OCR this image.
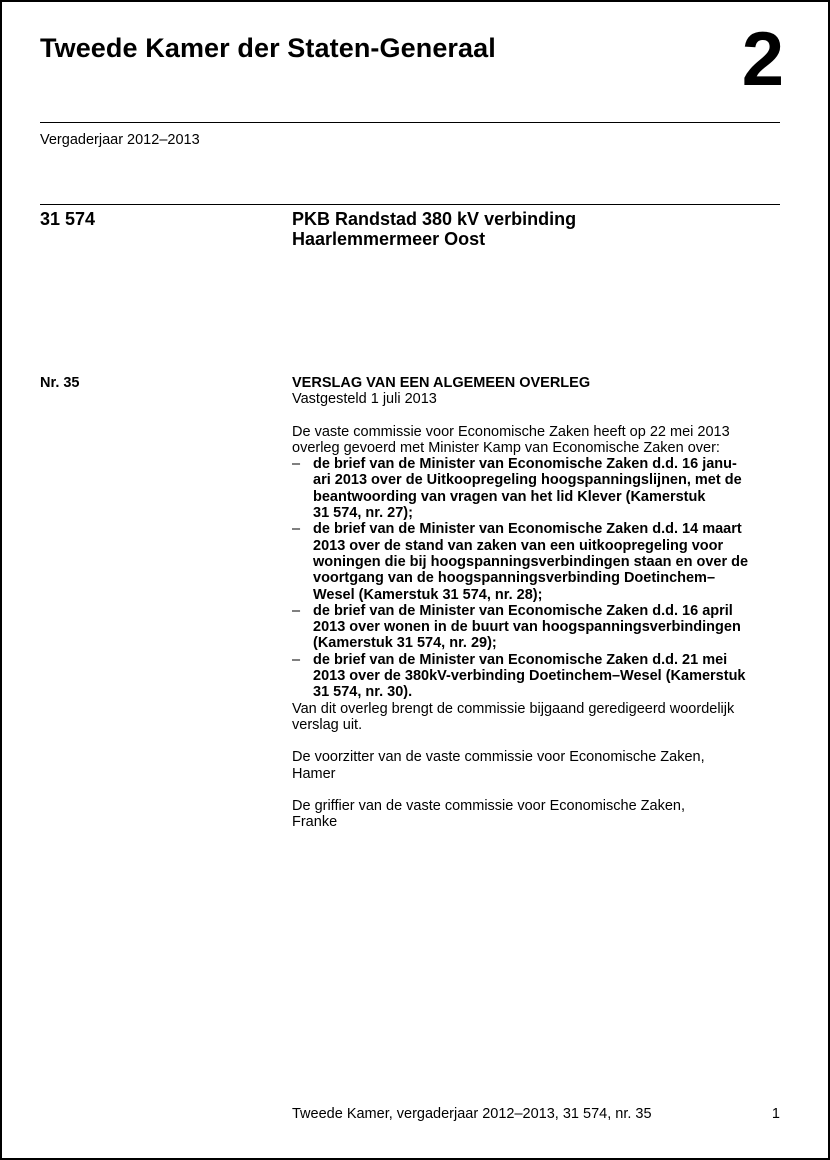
Tweede Kamer der Staten-Generaal	2
Vergaderjaar 2012–2013
31 574	PKB Randstad 380 kV verbinding
Haarlemmermeer Oost
Nr. 35	VERSLAG VAN EEN ALGEMEEN OVERLEG
Vastgesteld 1 juli 2013
De vaste commissie voor Economische Zaken heeft op 22 mei 2013
overleg gevoerd met Minister Kamp van Economische Zaken over:
– de brief van de Minister van Economische Zaken d.d. 16 janu-
ari 2013 over de Uitkoopregeling hoogspanningslijnen, met de
beantwoording van vragen van het lid Klever (Kamerstuk
31 574, nr. 27);
– de brief van de Minister van Economische Zaken d.d. 14 maart
2013 over de stand van zaken van een uitkoopregeling voor
woningen die bij hoogspanningsverbindingen staan en over de
voortgang van de hoogspanningsverbinding Doetinchem–
Wesel (Kamerstuk 31 574, nr. 28);
– de brief van de Minister van Economische Zaken d.d. 16 april
2013 over wonen in de buurt van hoogspanningsverbindingen
(Kamerstuk 31 574, nr. 29);
– de brief van de Minister van Economische Zaken d.d. 21 mei
2013 over de 380kV-verbinding Doetinchem–Wesel (Kamerstuk
31 574, nr. 30).
Van dit overleg brengt de commissie bijgaand geredigeerd woordelijk
verslag uit.
De voorzitter van de vaste commissie voor Economische Zaken,
Hamer
De griffier van de vaste commissie voor Economische Zaken,
Franke
Tweede Kamer, vergaderjaar 2012–2013, 31 574, nr. 35	1
